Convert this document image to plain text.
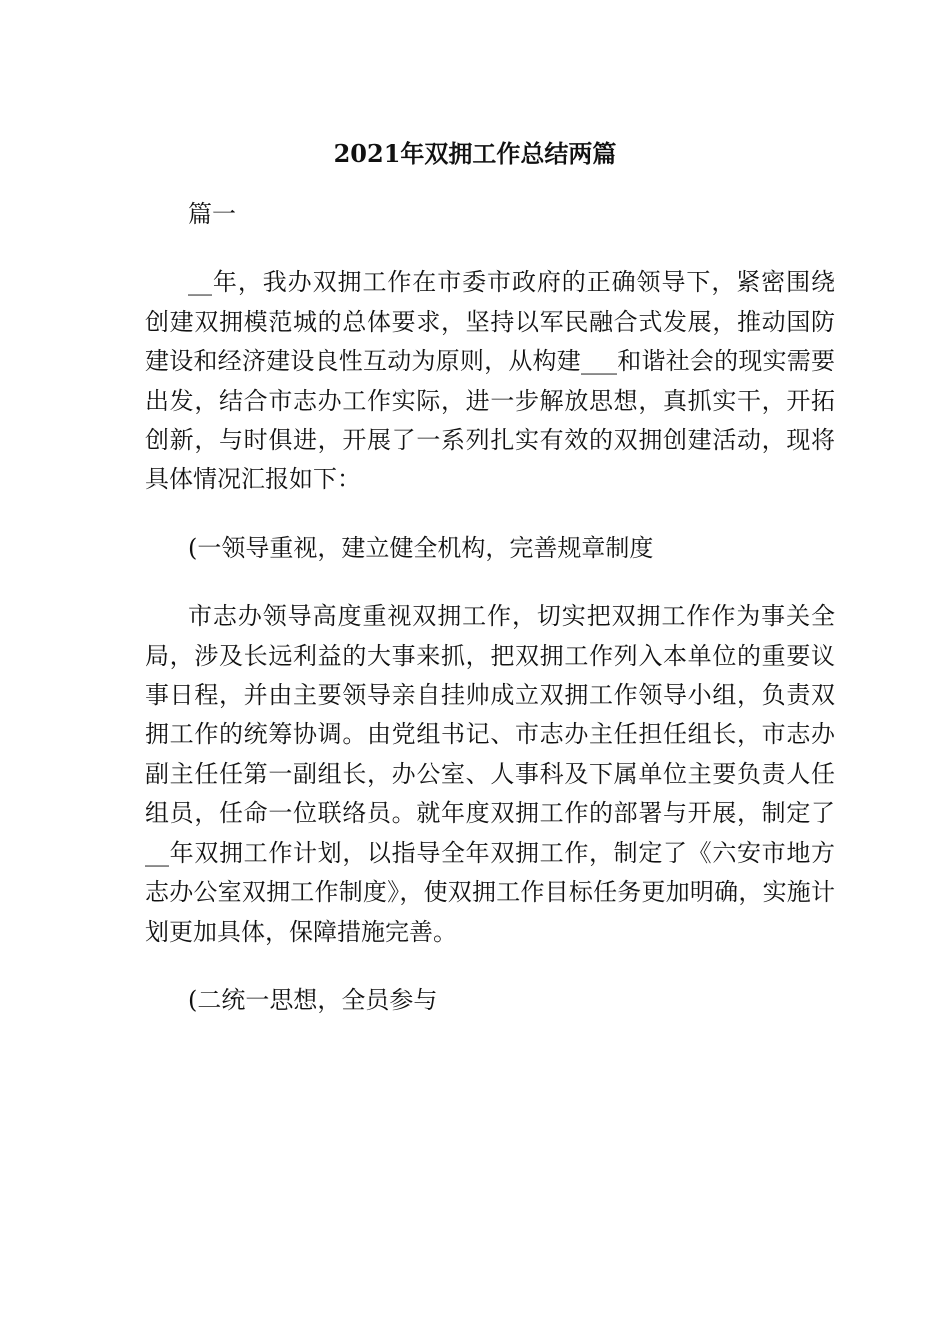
2021年双拥工作总结两篇

篇一

__年，我办双拥工作在市委市政府的正确领导下，紧密围绕创建双拥模范城的总体要求，坚持以军民融合式发展，推动国防建设和经济建设良性互动为原则，从构建___和谐社会的现实需要出发，结合市志办工作实际，进一步解放思想，真抓实干，开拓创新，与时俱进，开展了一系列扎实有效的双拥创建活动，现将具体情况汇报如下：

(一领导重视，建立健全机构，完善规章制度

市志办领导高度重视双拥工作，切实把双拥工作作为事关全局，涉及长远利益的大事来抓，把双拥工作列入本单位的重要议事日程，并由主要领导亲自挂帅成立双拥工作领导小组，负责双拥工作的统筹协调。由党组书记、市志办主任担任组长，市志办副主任任第一副组长，办公室、人事科及下属单位主要负责人任组员，任命一位联络员。就年度双拥工作的部署与开展，制定了__年双拥工作计划，以指导全年双拥工作，制定了《六安市地方志办公室双拥工作制度》，使双拥工作目标任务更加明确，实施计划更加具体，保障措施完善。

(二统一思想，全员参与
